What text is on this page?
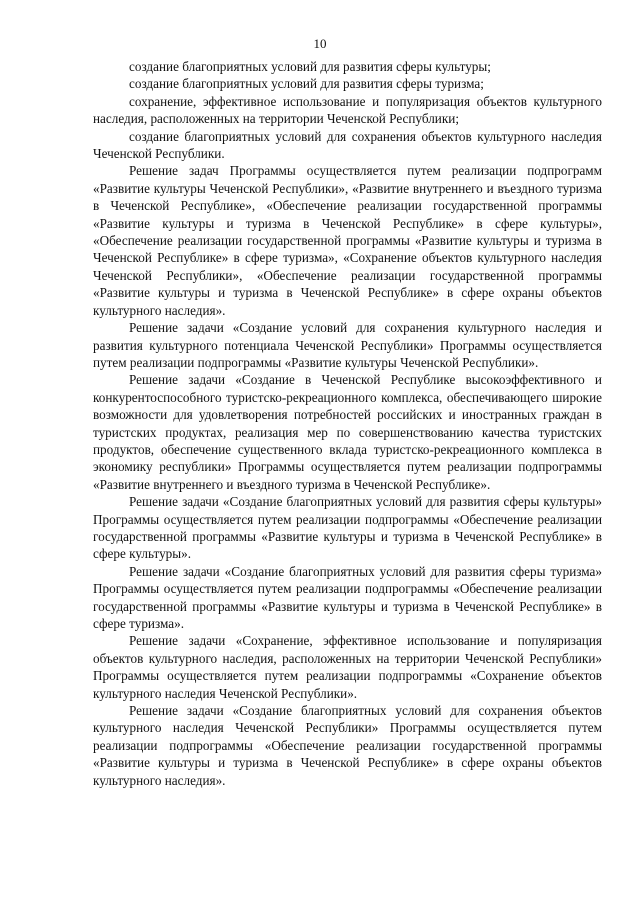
10

создание благоприятных условий для развития сферы культуры;

создание благоприятных условий для развития сферы туризма;

сохранение, эффективное использование и популяризация объектов культурного наследия, расположенных на территории Чеченской Республики;

создание благоприятных условий для сохранения объектов культурного наследия Чеченской Республики.

Решение задач Программы осуществляется путем реализации подпрограмм «Развитие культуры Чеченской Республики», «Развитие внутреннего и въездного туризма в Чеченской Республике», «Обеспечение реализации государственной программы «Развитие культуры и туризма в Чеченской Республике» в сфере культуры», «Обеспечение реализации государственной программы «Развитие культуры и туризма в Чеченской Республике» в сфере туризма», «Сохранение объектов культурного наследия Чеченской Республики», «Обеспечение реализации государственной программы «Развитие культуры и туризма в Чеченской Республике» в сфере охраны объектов культурного наследия».

Решение задачи «Создание условий для сохранения культурного наследия и развития культурного потенциала Чеченской Республики» Программы осуществляется путем реализации подпрограммы «Развитие культуры Чеченской Республики».

Решение задачи «Создание в Чеченской Республике высокоэффективного и конкурентоспособного туристско-рекреационного комплекса, обеспечивающего широкие возможности для удовлетворения потребностей российских и иностранных граждан в туристских продуктах, реализация мер по совершенствованию качества туристских продуктов, обеспечение существенного вклада туристско-рекреационного комплекса в экономику республики» Программы осуществляется путем реализации подпрограммы «Развитие внутреннего и въездного туризма в Чеченской Республике».

Решение задачи «Создание благоприятных условий для развития сферы культуры» Программы осуществляется путем реализации подпрограммы «Обеспечение реализации государственной программы «Развитие культуры и туризма в Чеченской Республике» в сфере культуры».

Решение задачи «Создание благоприятных условий для развития сферы туризма» Программы осуществляется путем реализации подпрограммы «Обеспечение реализации государственной программы «Развитие культуры и туризма в Чеченской Республике» в сфере туризма».

Решение задачи «Сохранение, эффективное использование и популяризация объектов культурного наследия, расположенных на территории Чеченской Республики» Программы осуществляется путем реализации подпрограммы «Сохранение объектов культурного наследия Чеченской Республики».

Решение задачи «Создание благоприятных условий для сохранения объектов культурного наследия Чеченской Республики» Программы осуществляется путем реализации подпрограммы «Обеспечение реализации государственной программы «Развитие культуры и туризма в Чеченской Республике» в сфере охраны объектов культурного наследия».
